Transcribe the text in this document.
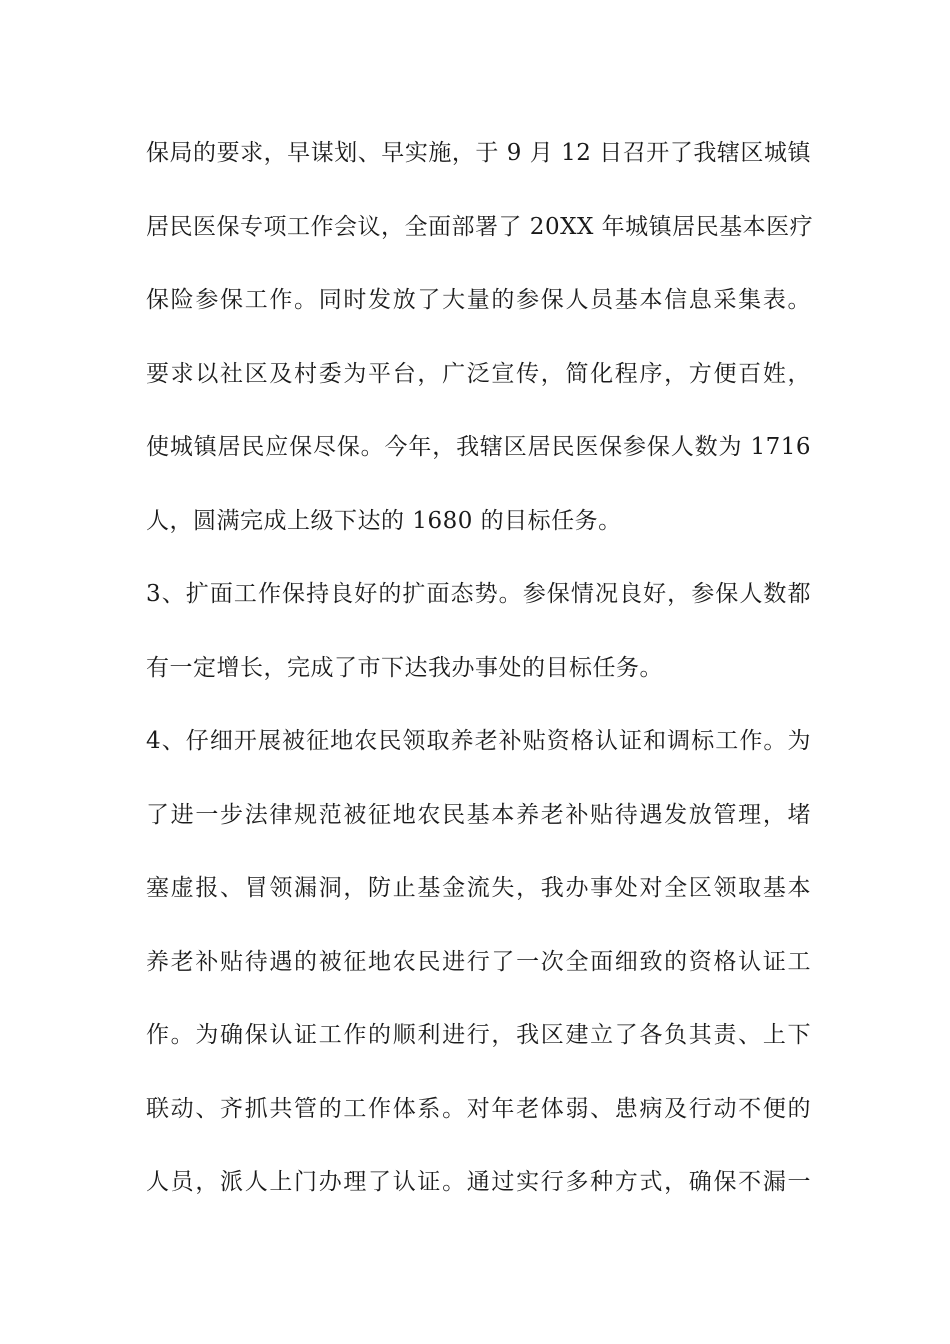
保局的要求，早谋划、早实施，于 9 月 12 日召开了我辖区城镇
居民医保专项工作会议，全面部署了 20XX 年城镇居民基本医疗
保险参保工作。同时发放了大量的参保人员基本信息采集表。
要求以社区及村委为平台，广泛宣传，简化程序，方便百姓，
使城镇居民应保尽保。今年，我辖区居民医保参保人数为 1716
人，圆满完成上级下达的 1680 的目标任务。
3、扩面工作保持良好的扩面态势。参保情况良好，参保人数都
有一定增长，完成了市下达我办事处的目标任务。
4、仔细开展被征地农民领取养老补贴资格认证和调标工作。为
了进一步法律规范被征地农民基本养老补贴待遇发放管理，堵
塞虚报、冒领漏洞，防止基金流失，我办事处对全区领取基本
养老补贴待遇的被征地农民进行了一次全面细致的资格认证工
作。为确保认证工作的顺利进行，我区建立了各负其责、上下
联动、齐抓共管的工作体系。对年老体弱、患病及行动不便的
人员，派人上门办理了认证。通过实行多种方式，确保不漏一
